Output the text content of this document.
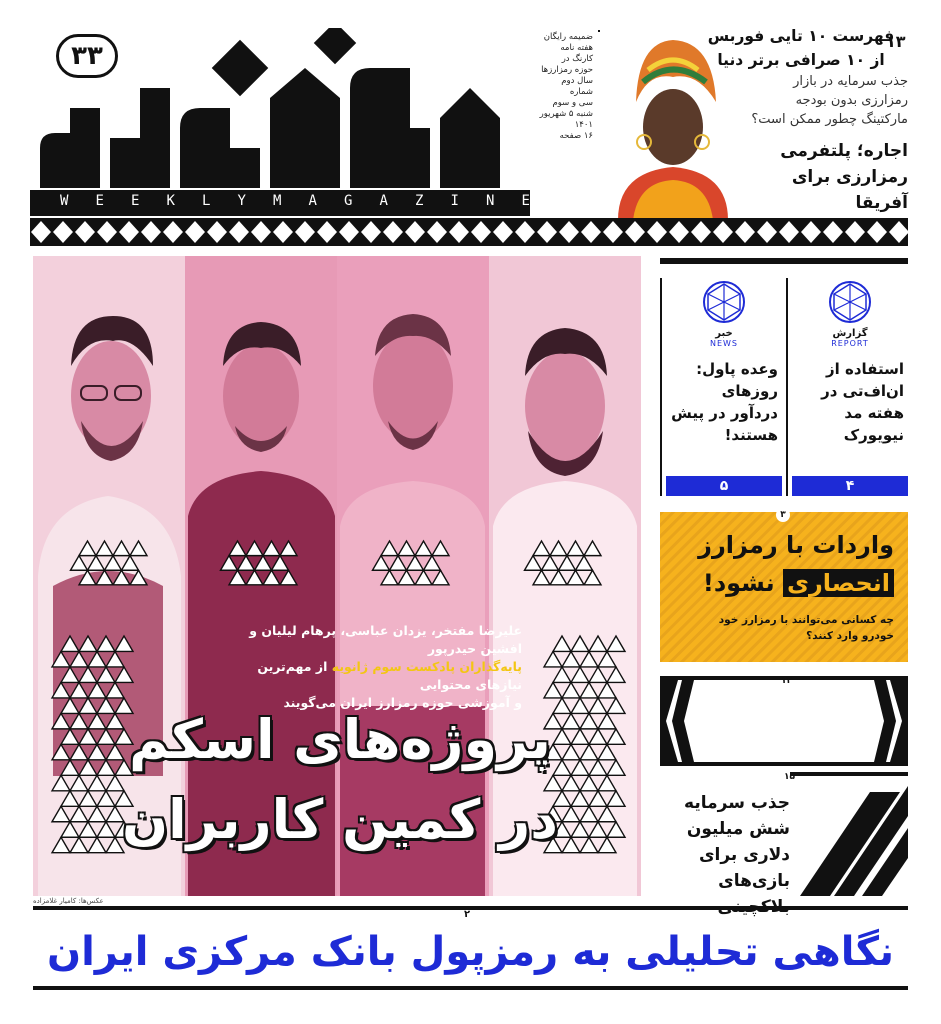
۳۳
W E E K L Y M A G A Z I N E
ضمیمه رایگان
هفته نامه
کارنگ در
حوزه رمزارزها
سال دوم
شماره
سی و سوم
شنبه ۵ شهریور
۱۴۰۱
۱۶ صفحه
۱۳
جذب سرمایه در بازار رمزارزی بدون بودجه مارکتینگ چطور ممکن است؟
اجاره؛ پلتفرمی رمزارزی برای آفریقا
علیرضا مفتخر، یزدان عباسی، پرهام لیلیان و افشین حیدرپور
پایه‌گذاران پادکست سوم ژانویه از مهم‌ترین نیازهای محتوایی
و آموزشی حوزه رمزارز ایران می‌گویند
پروژه‌های اسکم
در کمین کاربران
عکس‌ها: کامیار غلامزاده
گزارش
REPORT
استفاده از ان‌اف‌تی در هفته مد نیویورک
۴
خبر
NEWS
وعده پاول: روزهای دردآور در پیش هستند!
۵
واردات با رمزارز
انحصاری نشود!
چه کسانی می‌توانند با رمزارز خود خودرو وارد کنند؟
۳
۱۲
فهرست ۱۰ تایی فوربس از ۱۰ صرافی برتر دنیا
۱۵
جذب سرمایه شش میلیون دلاری برای بازی‌های
۲
نگاهی تحلیلی به رمزپول بانک مرکزی ایران
